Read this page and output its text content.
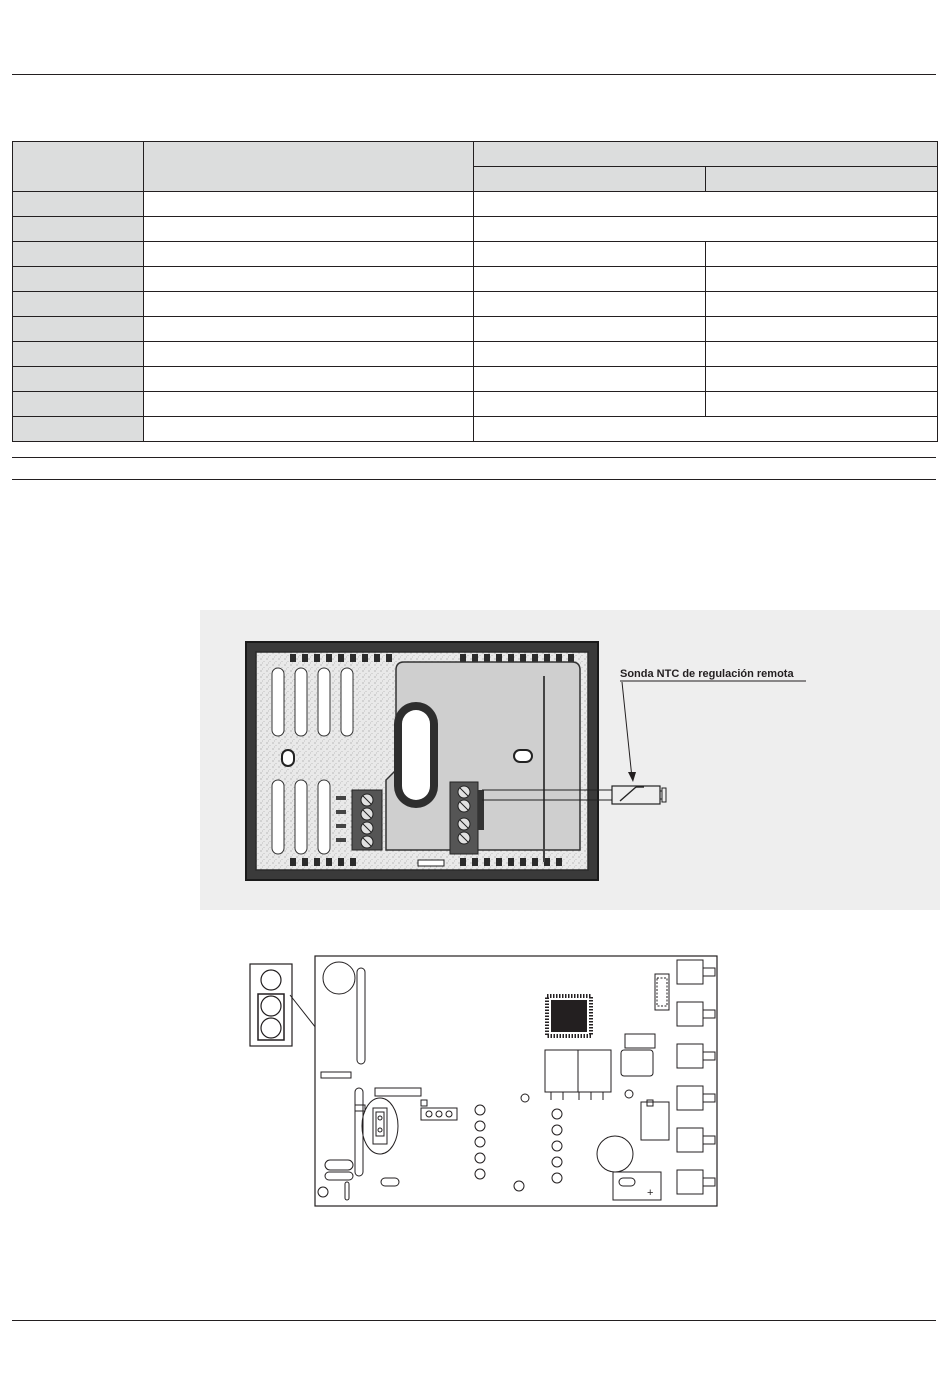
Sonda NTC de regulación remota
+
